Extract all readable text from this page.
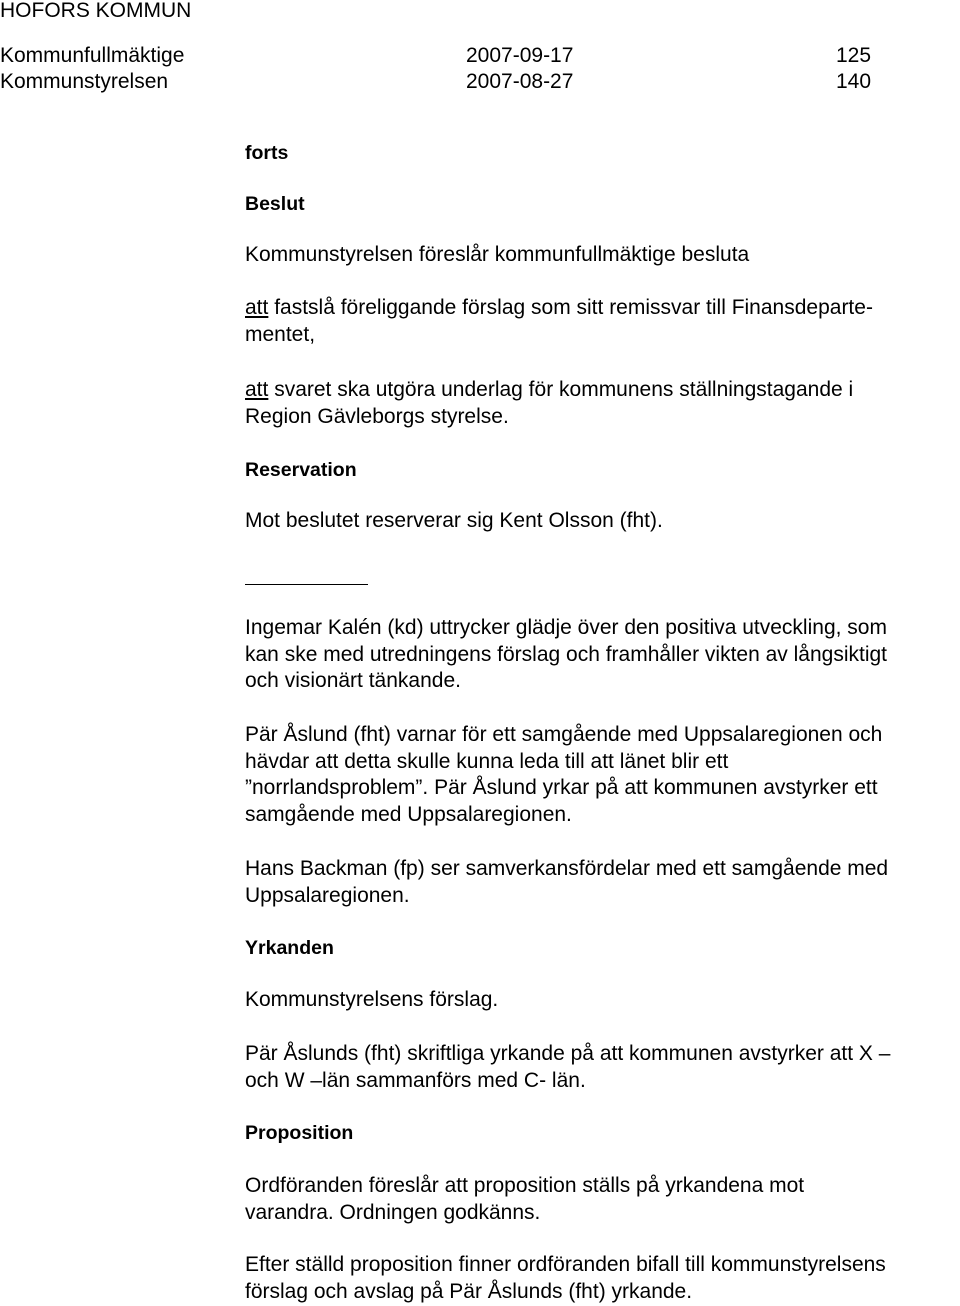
HOFORS KOMMUN
Kommunfullmäktige	2007-09-17	125
Kommunstyrelsen	2007-08-27	140
forts
Beslut
Kommunstyrelsen föreslår kommunfullmäktige besluta
att fastslå föreliggande förslag som sitt remissvar till Finansdeparte-
mentet,
att svaret ska utgöra underlag för kommunens ställningstagande i
Region Gävleborgs styrelse.
Reservation
Mot beslutet reserverar sig Kent Olsson (fht).
Ingemar Kalén (kd) uttrycker glädje över den positiva utveckling, som
kan ske med utredningens förslag och framhåller vikten av långsiktigt
och visionärt tänkande.
Pär Åslund (fht) varnar för ett samgående med Uppsalaregionen och
hävdar att detta skulle kunna leda till att länet blir ett
”norrlandsproblem”. Pär Åslund yrkar på att kommunen avstyrker ett
samgående med Uppsalaregionen.
Hans Backman (fp) ser samverkansfördelar med ett samgående med
Uppsalaregionen.
Yrkanden
Kommunstyrelsens förslag.
Pär Åslunds (fht) skriftliga yrkande på att kommunen avstyrker att X –
och W –län sammanförs med C- län.
Proposition
Ordföranden föreslår att proposition ställs på yrkandena mot
varandra. Ordningen godkänns.
Efter ställd proposition finner ordföranden bifall till kommunstyrelsens
förslag och avslag på Pär Åslunds (fht) yrkande.
